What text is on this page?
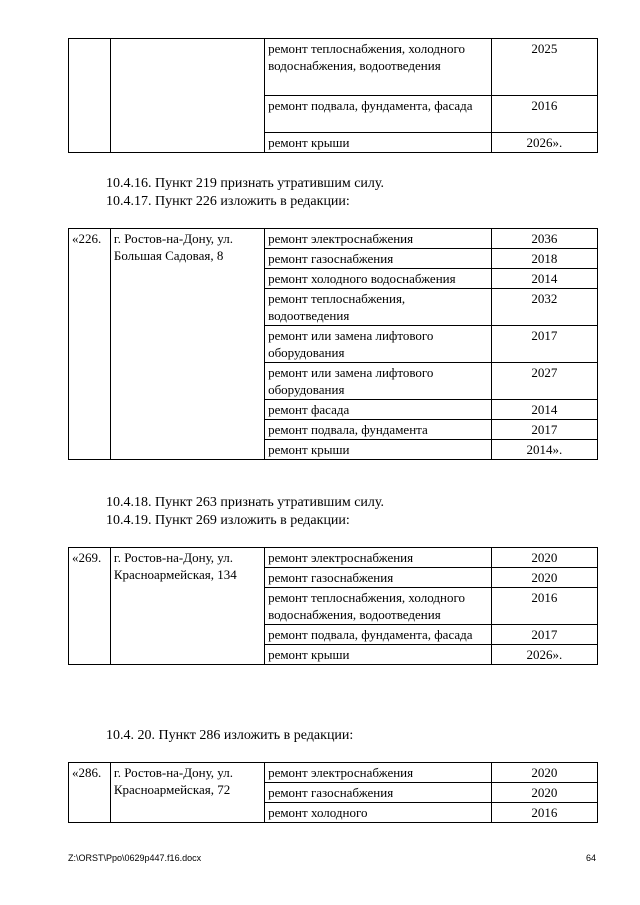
		ремонт теплоснабжения, холодного водоснабжения, водоотведения	2025
		ремонт подвала, фундамента, фасада	2016
		ремонт крыши	2026».

10.4.16. Пункт 219 признать утратившим силу.

10.4.17. Пункт 226 изложить в редакции:

«226.	г. Ростов-на-Дону, ул. Большая Садовая, 8	ремонт электроснабжения	2036
		ремонт газоснабжения	2018
		ремонт холодного водоснабжения	2014
		ремонт теплоснабжения, водоотведения	2032
		ремонт или замена лифтового оборудования	2017
		ремонт или замена лифтового оборудования	2027
		ремонт фасада	2014
		ремонт подвала, фундамента	2017
		ремонт крыши	2014».

10.4.18. Пункт 263 признать утратившим силу.

10.4.19. Пункт 269 изложить в редакции:

«269.	г. Ростов-на-Дону, ул. Красноармейская, 134	ремонт электроснабжения	2020
		ремонт газоснабжения	2020
		ремонт теплоснабжения, холодного водоснабжения, водоотведения	2016
		ремонт подвала, фундамента, фасада	2017
		ремонт крыши	2026».

10.4. 20. Пункт 286 изложить в редакции:

«286.	г. Ростов-на-Дону, ул. Красноармейская, 72	ремонт электроснабжения	2020
		ремонт газоснабжения	2020
		ремонт холодного	2016
Z:\ORST\Ppo\0629p447.f16.docx	64
